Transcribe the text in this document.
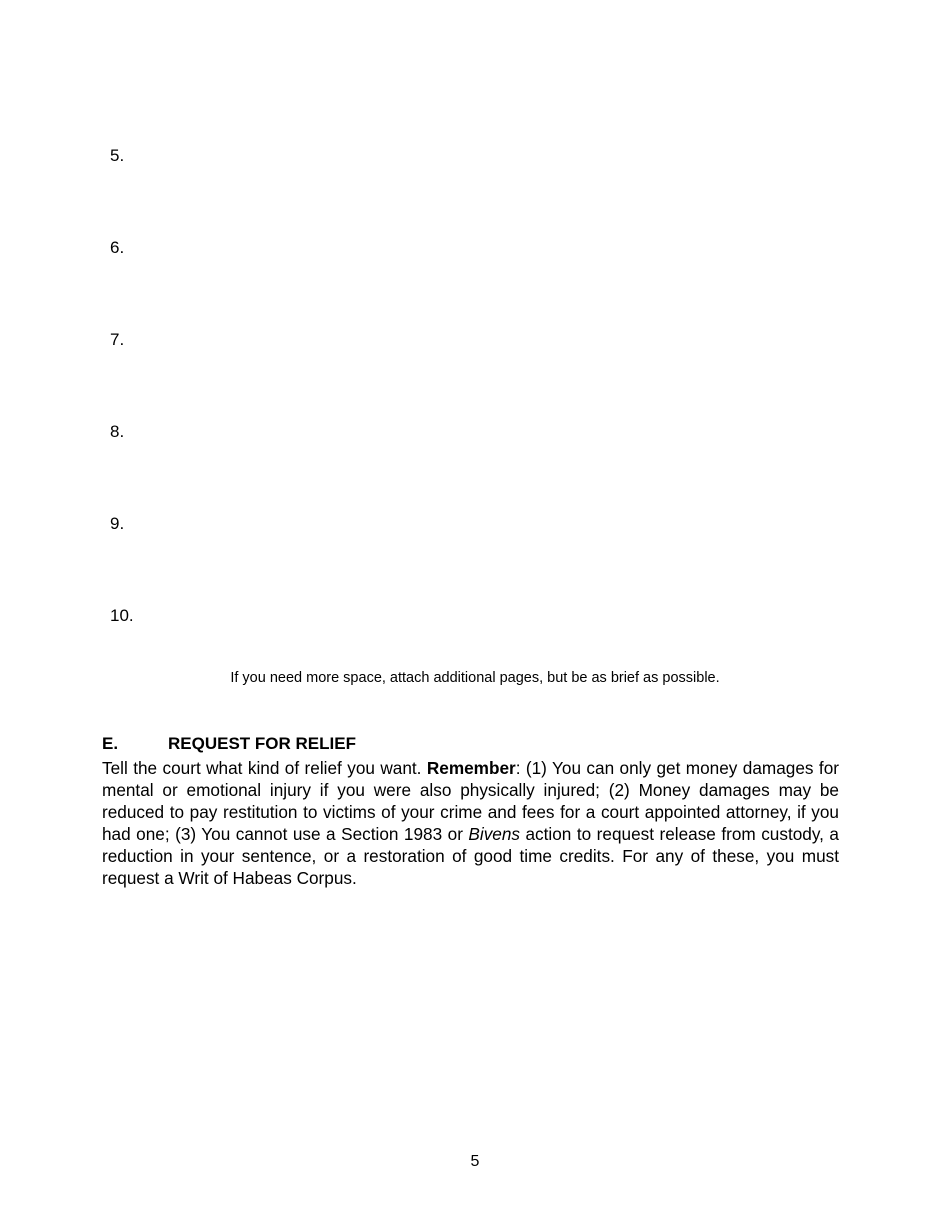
5.
6.
7.
8.
9.
10.
If you need more space, attach additional pages, but be as brief as possible.
E.	REQUEST FOR RELIEF

Tell the court what kind of relief you want. Remember: (1) You can only get money damages for mental or emotional injury if you were also physically injured; (2) Money damages may be reduced to pay restitution to victims of your crime and fees for a court appointed attorney, if you had one; (3) You cannot use a Section 1983 or Bivens action to request release from custody, a reduction in your sentence, or a restoration of good time credits. For any of these, you must request a Writ of Habeas Corpus.

5
